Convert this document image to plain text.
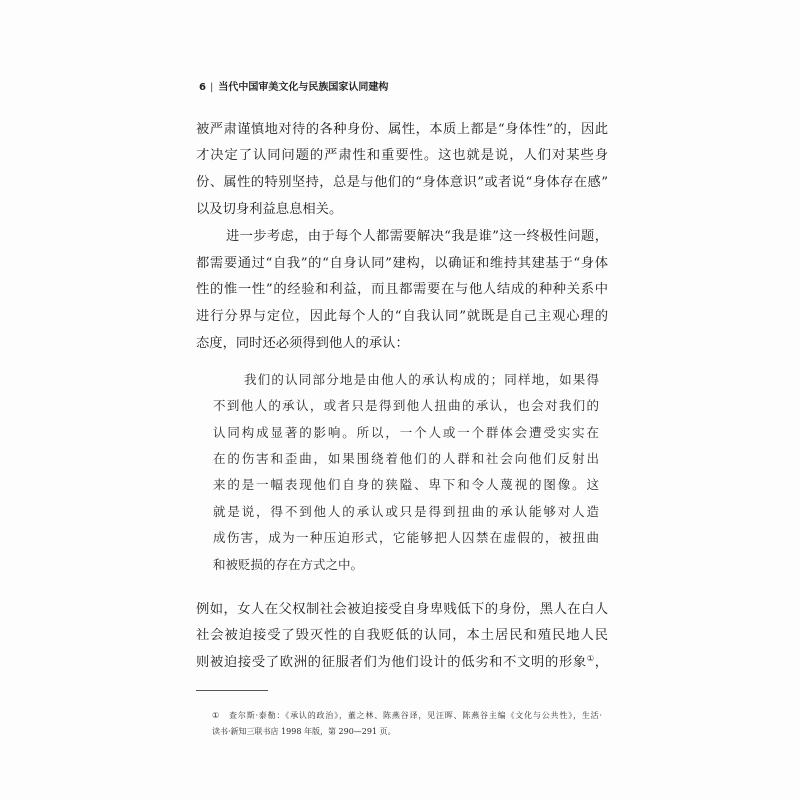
6 | 当代中国审美文化与民族国家认同建构
被严肃谨慎地对待的各种身份、属性，本质上都是“身体性”的，因此
才决定了认同问题的严肃性和重要性。这也就是说，人们对某些身
份、属性的特别坚持，总是与他们的“身体意识”或者说“身体存在感”
以及切身利益息息相关。
进一步考虑，由于每个人都需要解决“我是谁”这一终极性问题，
都需要通过“自我”的“自身认同”建构，以确证和维持其建基于“身体
性的惟一性”的经验和利益，而且都需要在与他人结成的种种关系中
进行分界与定位，因此每个人的“自我认同”就既是自己主观心理的
态度，同时还必须得到他人的承认：
我们的认同部分地是由他人的承认构成的；同样地，如果得
不到他人的承认，或者只是得到他人扭曲的承认，也会对我们的
认同构成显著的影响。所以，一个人或一个群体会遭受实实在
在的伤害和歪曲，如果围绕着他们的人群和社会向他们反射出
来的是一幅表现他们自身的狭隘、卑下和令人蔑视的图像。这
就是说，得不到他人的承认或只是得到扭曲的承认能够对人造
成伤害，成为一种压迫形式，它能够把人囚禁在虚假的，被扭曲
和被贬损的存在方式之中。
例如，女人在父权制社会被迫接受自身卑贱低下的身份，黑人在白人
社会被迫接受了毁灭性的自我贬低的认同，本土居民和殖民地人民
则被迫接受了欧洲的征服者们为他们设计的低劣和不文明的形象①，
① 查尔斯·泰勒：《承认的政治》，董之林、陈燕谷译，见汪晖、陈燕谷主编《文化与公共性》，生活·
读书·新知三联书店 1998 年版，第 290—291 页。
